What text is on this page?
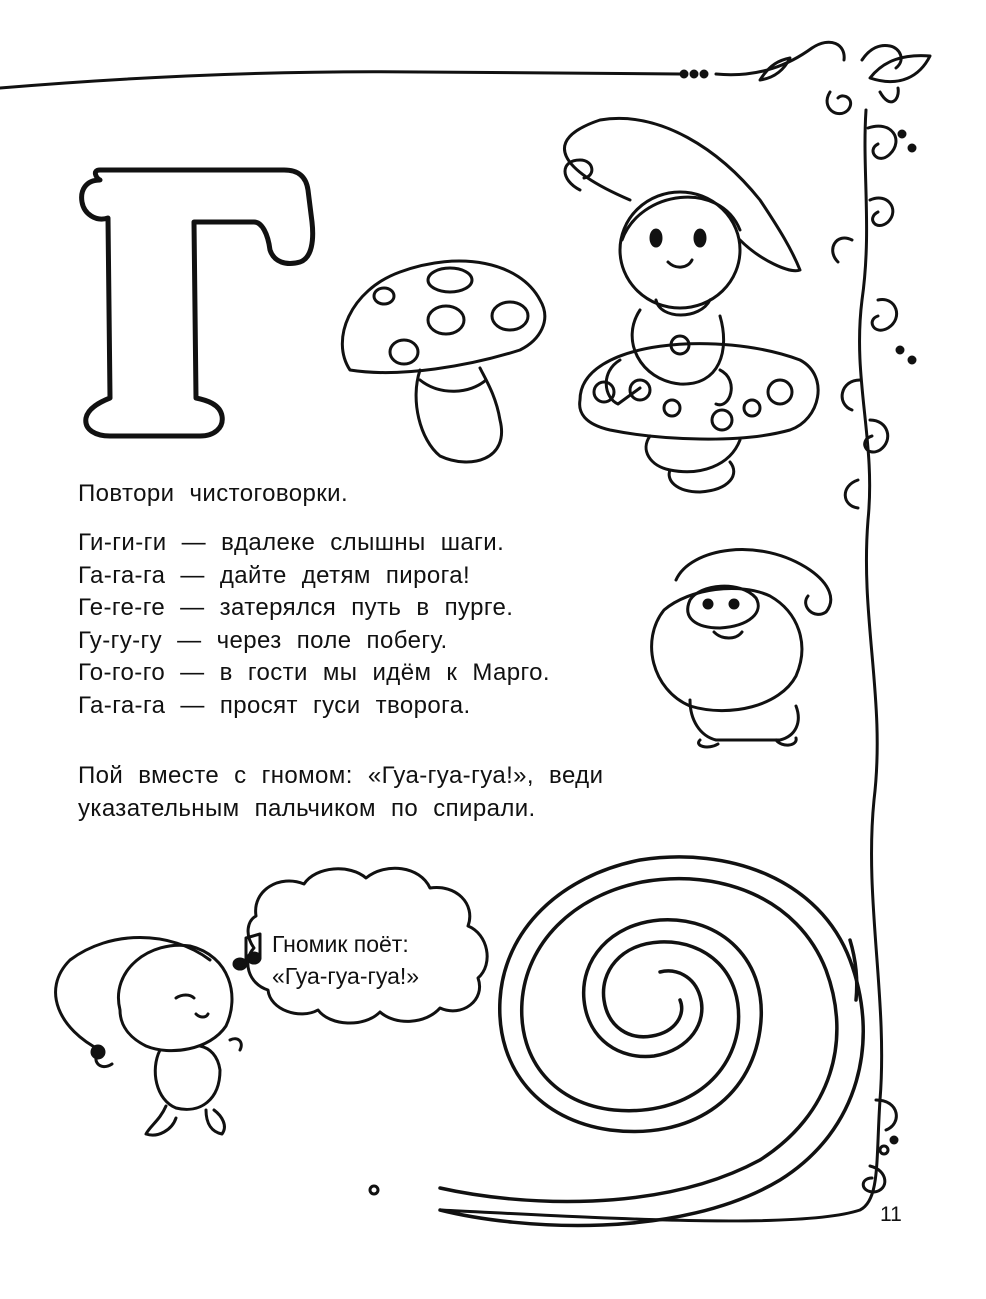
Повтори чистоговорки.
Ги-ги-ги — вдалеке слышны шаги.
Га-га-га — дайте детям пирога!
Ге-ге-ге — затерялся путь в пурге.
Гу-гу-гу — через поле побегу.
Го-го-го — в гости мы идём к Марго.
Га-га-га — просят гуси творога.
Пой вместе с гномом: «Гуа-гуа-гуа!», веди указательным пальчиком по спирали.
Гномик поёт:
«Гуа-гуа-гуа!»
11
